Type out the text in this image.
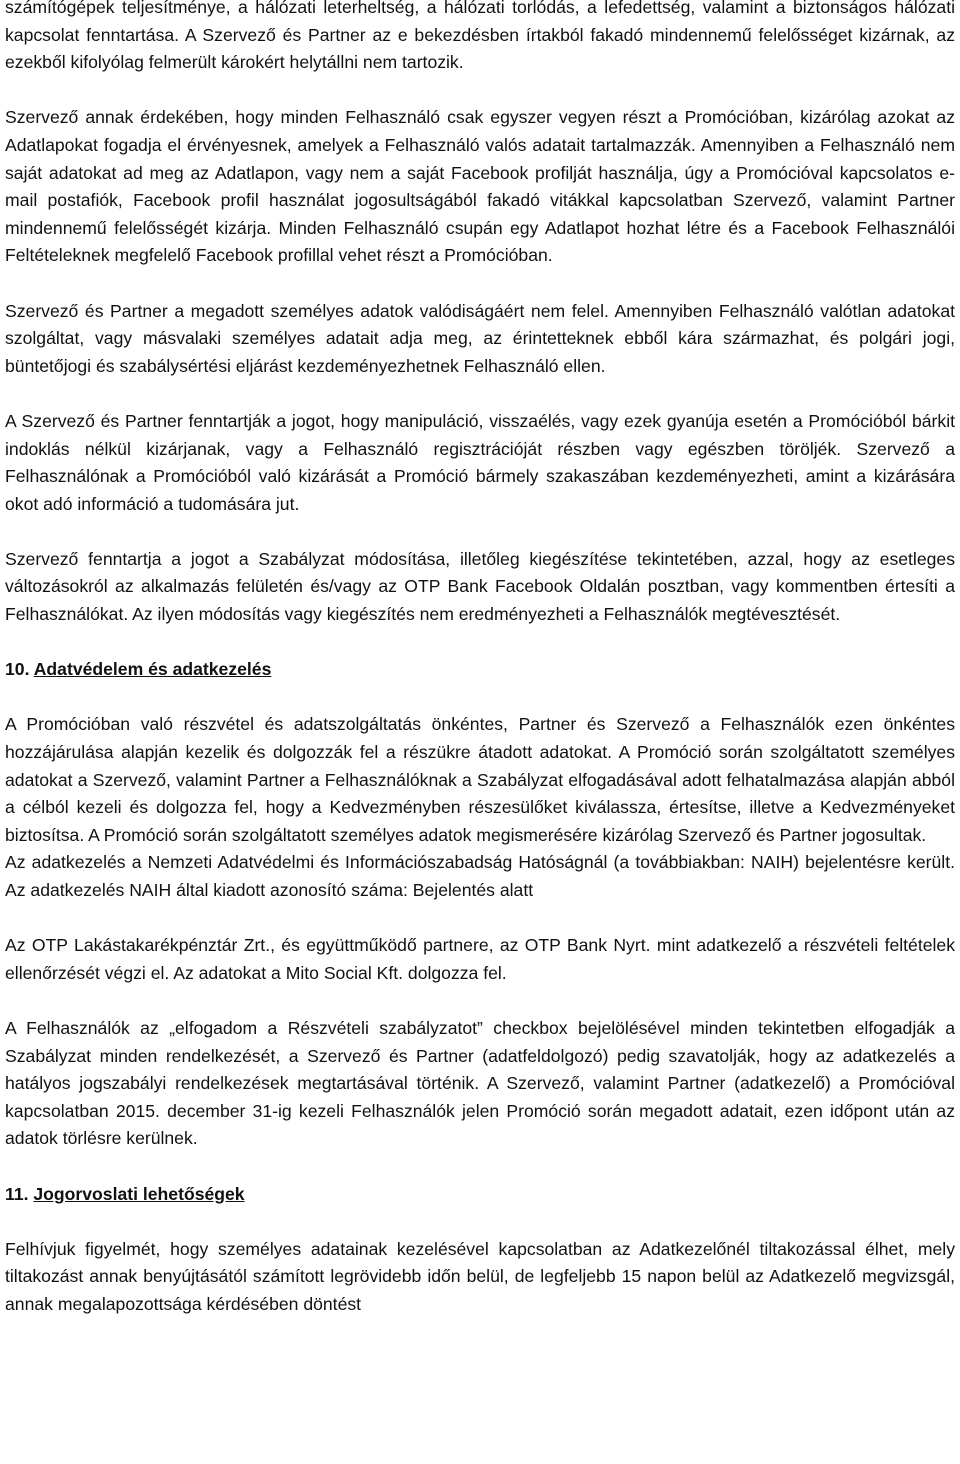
számítógépek teljesítménye, a hálózati leterheltség, a hálózati torlódás, a lefedettség, valamint a biztonságos hálózati kapcsolat fenntartása. A Szervező és Partner az e bekezdésben írtakból fakadó mindennemű felelősséget kizárnak, az ezekből kifolyólag felmerült károkért helytállni nem tartozik.

Szervező annak érdekében, hogy minden Felhasználó csak egyszer vegyen részt a Promócióban, kizárólag azokat az Adatlapokat fogadja el érvényesnek, amelyek a Felhasználó valós adatait tartalmazzák. Amennyiben a Felhasználó nem saját adatokat ad meg az Adatlapon, vagy nem a saját Facebook profilját használja, úgy a Promócióval kapcsolatos e-mail postafiók, Facebook profil használat jogosultságából fakadó vitákkal kapcsolatban Szervező, valamint Partner mindennemű felelősségét kizárja. Minden Felhasználó csupán egy Adatlapot hozhat létre és a Facebook Felhasználói Feltételeknek megfelelő Facebook profillal vehet részt a Promócióban.

Szervező és Partner a megadott személyes adatok valódiságáért nem felel. Amennyiben Felhasználó valótlan adatokat szolgáltat, vagy másvalaki személyes adatait adja meg, az érintetteknek ebből kára származhat, és polgári jogi, büntetőjogi és szabálysértési eljárást kezdeményezhetnek Felhasználó ellen.

A Szervező és Partner fenntartják a jogot, hogy manipuláció, visszaélés, vagy ezek gyanúja esetén a Promócióból bárkit indoklás nélkül kizárjanak, vagy a Felhasználó regisztrációját részben vagy egészben töröljék. Szervező a Felhasználónak a Promócióból való kizárását a Promóció bármely szakaszában kezdeményezheti, amint a kizárására okot adó információ a tudomására jut.

Szervező fenntartja a jogot a Szabályzat módosítása, illetőleg kiegészítése tekintetében, azzal, hogy az esetleges változásokról az alkalmazás felületén és/vagy az OTP Bank Facebook Oldalán posztban, vagy kommentben értesíti a Felhasználókat. Az ilyen módosítás vagy kiegészítés nem eredményezheti a Felhasználók megtévesztését.

10. Adatvédelem és adatkezelés

A Promócióban való részvétel és adatszolgáltatás önkéntes, Partner és Szervező a Felhasználók ezen önkéntes hozzájárulása alapján kezelik és dolgozzák fel a részükre átadott adatokat. A Promóció során szolgáltatott személyes adatokat a Szervező, valamint Partner a Felhasználóknak a Szabályzat elfogadásával adott felhatalmazása alapján abból a célból kezeli és dolgozza fel, hogy a Kedvezményben részesülőket kiválassza, értesítse, illetve a Kedvezményeket biztosítsa. A Promóció során szolgáltatott személyes adatok megismerésére kizárólag Szervező és Partner jogosultak.

Az adatkezelés a Nemzeti Adatvédelmi és Információszabadság Hatóságnál (a továbbiakban: NAIH) bejelentésre került. Az adatkezelés NAIH által kiadott azonosító száma: Bejelentés alatt

Az OTP Lakástakarékpénztár Zrt., és együttműködő partnere, az OTP Bank Nyrt. mint adatkezelő a részvételi feltételek ellenőrzését végzi el. Az adatokat a Mito Social Kft. dolgozza fel.

A Felhasználók az „elfogadom a Részvételi szabályzatot” checkbox bejelölésével minden tekintetben elfogadják a Szabályzat minden rendelkezését, a Szervező és Partner (adatfeldolgozó) pedig szavatolják, hogy az adatkezelés a hatályos jogszabályi rendelkezések megtartásával történik. A Szervező, valamint Partner (adatkezelő) a Promócióval kapcsolatban 2015. december 31-ig kezeli Felhasználók jelen Promóció során megadott adatait, ezen időpont után az adatok törlésre kerülnek.

11. Jogorvoslati lehetőségek

Felhívjuk figyelmét, hogy személyes adatainak kezelésével kapcsolatban az Adatkezelőnél tiltakozással élhet, mely tiltakozást annak benyújtásától számított legrövidebb időn belül, de legfeljebb 15 napon belül az Adatkezelő megvizsgál, annak megalapozottsága kérdésében döntést
